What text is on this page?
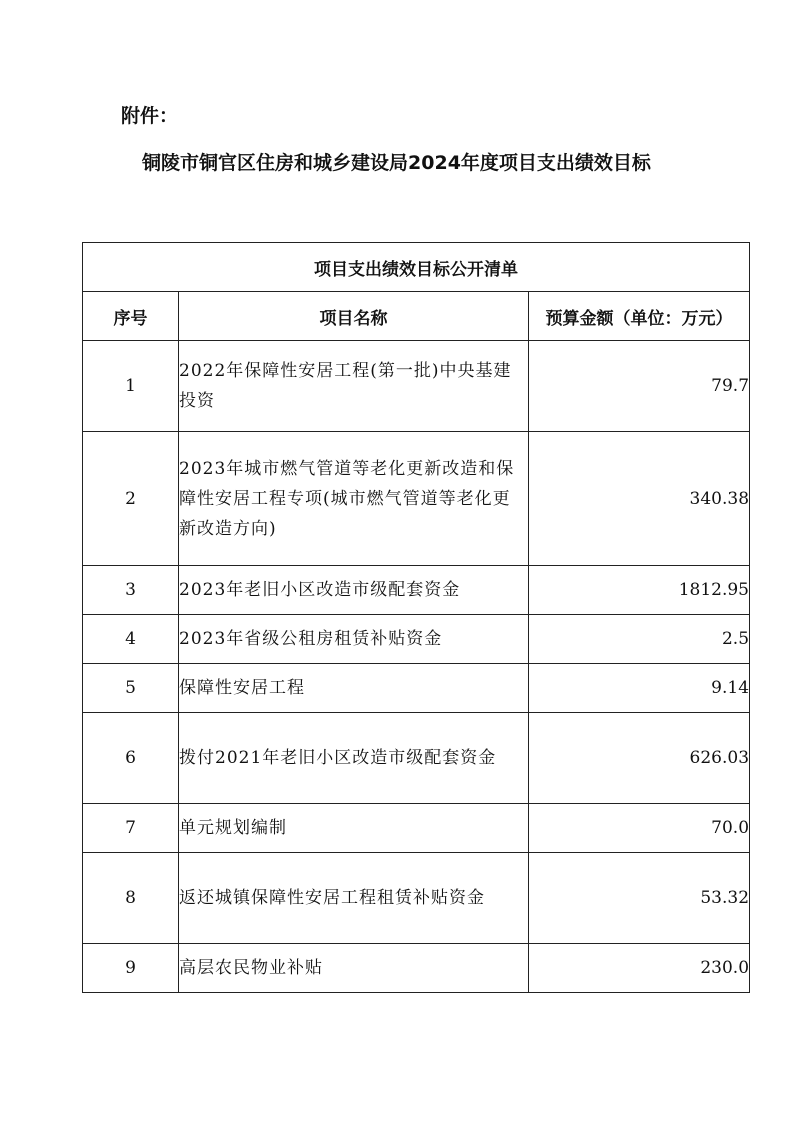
附件：
铜陵市铜官区住房和城乡建设局2024年度项目支出绩效目标
项目支出绩效目标公开清单		
序号	项目名称	预算金额（单位：万元）
1	2022年保障性安居工程(第一批)中央基建投资	79.7
2	2023年城市燃气管道等老化更新改造和保障性安居工程专项(城市燃气管道等老化更新改造方向)	340.38
3	2023年老旧小区改造市级配套资金	1812.95
4	2023年省级公租房租赁补贴资金	2.5
5	保障性安居工程	9.14
6	拨付2021年老旧小区改造市级配套资金	626.03
7	单元规划编制	70.0
8	返还城镇保障性安居工程租赁补贴资金	53.32
9	高层农民物业补贴	230.0
